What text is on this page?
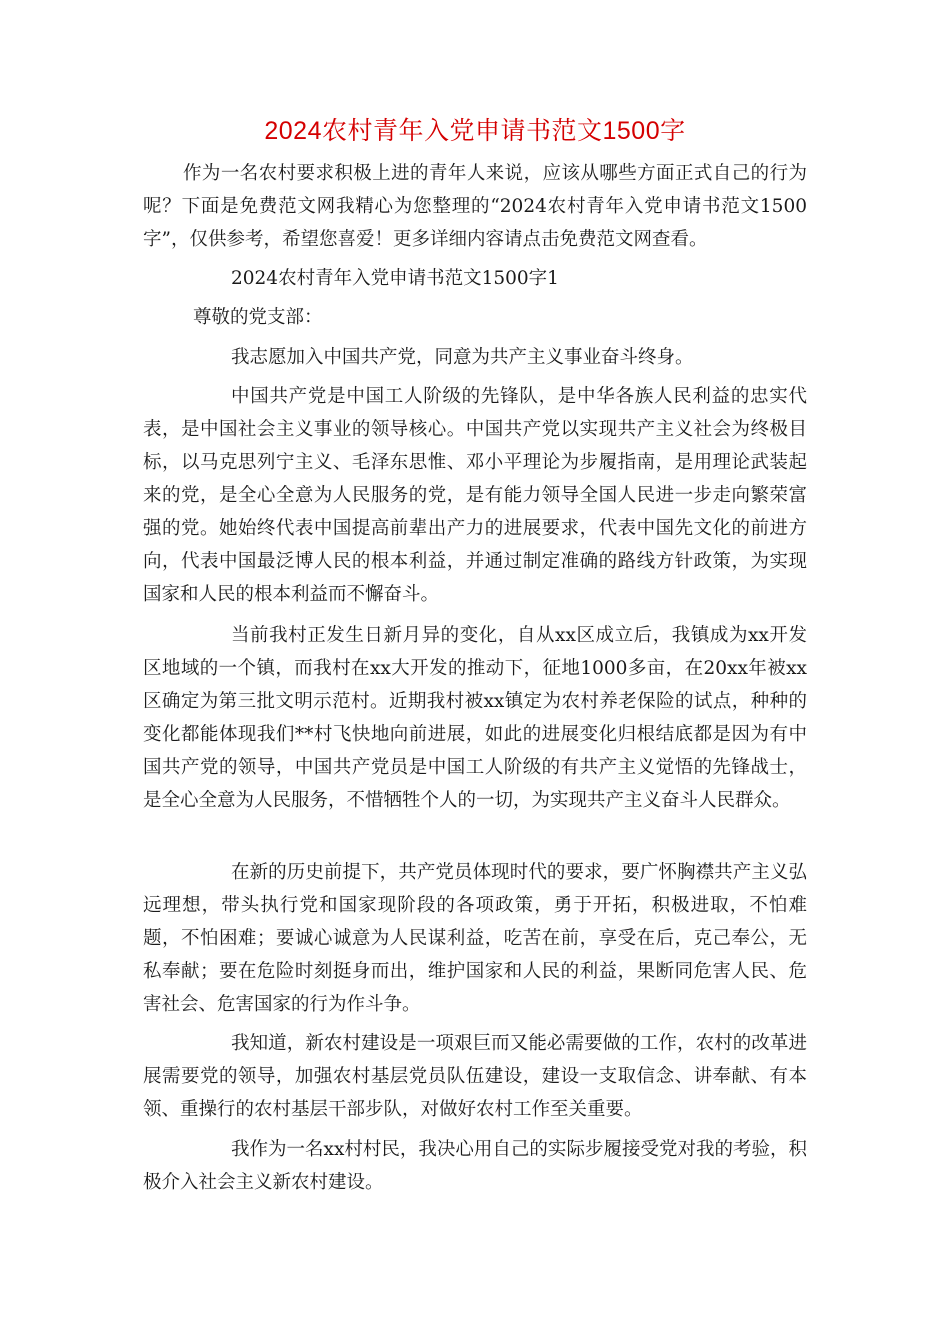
2024农村青年入党申请书范文1500字

作为一名农村要求积极上进的青年人来说，应该从哪些方面正式自己的行为呢？下面是免费范文网我精心为您整理的“2024农村青年入党申请书范文1500字”，仅供参考，希望您喜爱！更多详细内容请点击免费范文网查看。

2024农村青年入党申请书范文1500字1

尊敬的党支部：

我志愿加入中国共产党，同意为共产主义事业奋斗终身。

中国共产党是中国工人阶级的先锋队，是中华各族人民利益的忠实代表，是中国社会主义事业的领导核心。中国共产党以实现共产主义社会为终极目标，以马克思列宁主义、毛泽东思惟、邓小平理论为步履指南，是用理论武装起来的党，是全心全意为人民服务的党，是有能力领导全国人民进一步走向繁荣富强的党。她始终代表中国提高前辈出产力的进展要求，代表中国先文化的前进方向，代表中国最泛博人民的根本利益，并通过制定准确的路线方针政策，为实现国家和人民的根本利益而不懈奋斗。

当前我村正发生日新月异的变化，自从xx区成立后，我镇成为xx开发区地域的一个镇，而我村在xx大开发的推动下，征地1000多亩，在20xx年被xx区确定为第三批文明示范村。近期我村被xx镇定为农村养老保险的试点，种种的变化都能体现我们**村飞快地向前进展，如此的进展变化归根结底都是因为有中国共产党的领导，中国共产党员是中国工人阶级的有共产主义觉悟的先锋战士，是全心全意为人民服务，不惜牺牲个人的一切，为实现共产主义奋斗人民群众。

在新的历史前提下，共产党员体现时代的要求，要广怀胸襟共产主义弘远理想，带头执行党和国家现阶段的各项政策，勇于开拓，积极进取，不怕难题，不怕困难；要诚心诚意为人民谋利益，吃苦在前，享受在后，克己奉公，无私奉献；要在危险时刻挺身而出，维护国家和人民的利益，果断同危害人民、危害社会、危害国家的行为作斗争。

我知道，新农村建设是一项艰巨而又能必需要做的工作，农村的改革进展需要党的领导，加强农村基层党员队伍建设，建设一支取信念、讲奉献、有本领、重操行的农村基层干部步队，对做好农村工作至关重要。

我作为一名xx村村民，我决心用自己的实际步履接受党对我的考验，积极介入社会主义新农村建设。
